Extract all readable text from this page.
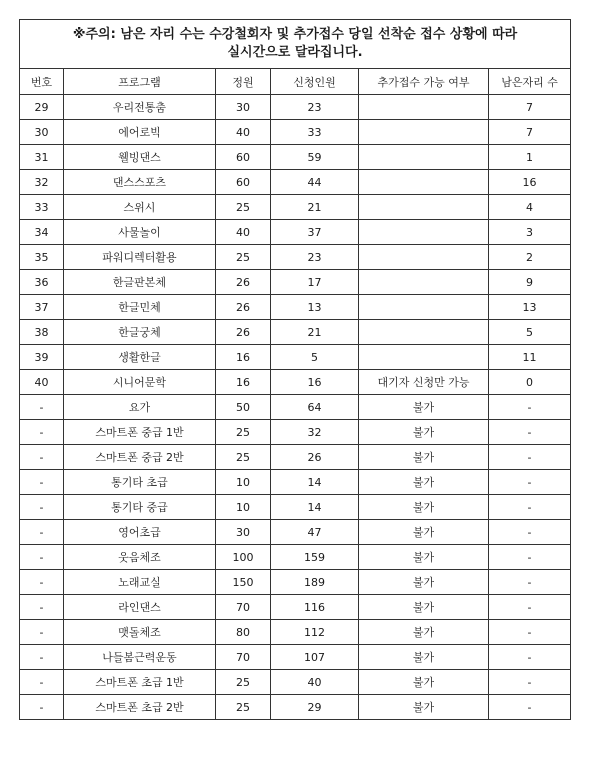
※주의: 남은 자리 수는 수강철회자 및 추가접수 당일 선착순 접수 상황에 따라
실시간으로 달라집니다.					

번호	프로그램	정원	신청인원	추가접수 가능 여부	남은자리 수
29	우리전통춤	30	23		7
30	에어로빅	40	33		7
31	웰빙댄스	60	59		1
32	댄스스포츠	60	44		16
33	스위시	25	21		4
34	사물놀이	40	37		3
35	파워디렉터활용	25	23		2
36	한글판본체	26	17		9
37	한글민체	26	13		13
38	한글궁체	26	21		5
39	생활한글	16	5		11
40	시니어문학	16	16	대기자 신청만 가능	0
-	요가	50	64	불가	-
-	스마트폰 중급 1반	25	32	불가	-
-	스마트폰 중급 2반	25	26	불가	-
-	통기타 초급	10	14	불가	-
-	통기타 중급	10	14	불가	-
-	영어초급	30	47	불가	-
-	웃음체조	100	159	불가	-
-	노래교실	150	189	불가	-
-	라인댄스	70	116	불가	-
-	맷돌체조	80	112	불가	-
-	나들봄근력운동	70	107	불가	-
-	스마트폰 초급 1반	25	40	불가	-
-	스마트폰 초급 2반	25	29	불가	-
